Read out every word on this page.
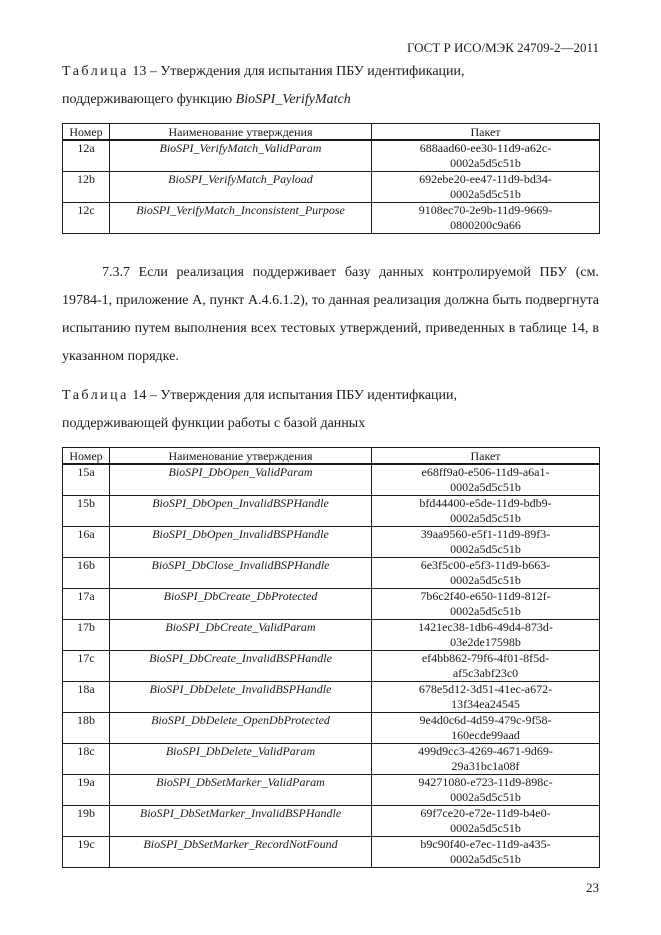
ГОСТ Р ИСО/МЭК 24709-2—2011
Таблица 13 – Утверждения для испытания ПБУ идентификации,
поддерживающего функцию BioSPI_VerifyMatch
Номер	Наименование утверждения	Пакет
12a	BioSPI_VerifyMatch_ValidParam	688aad60-ee30-11d9-a62c-
0002a5d5c51b

12b	BioSPI_VerifyMatch_Payload	692ebe20-ee47-11d9-bd34-
0002a5d5c51b

12c	BioSPI_VerifyMatch_Inconsistent_Purpose	9108ec70-2e9b-11d9-9669-
0800200c9a66
7.3.7 Если реализация поддерживает базу данных контролируемой ПБУ (см. 19784-1, приложение А, пункт А.4.6.1.2), то данная реализация должна быть подвергнута испытанию путем выполнения всех тестовых утверждений, приведенных в таблице 14, в указанном порядке.
Таблица 14 – Утверждения для испытания ПБУ идентифкации,
поддерживающей функции работы с базой данных
Номер	Наименование утверждения	Пакет
15a	BioSPI_DbOpen_ValidParam	e68ff9a0-e506-11d9-a6a1-
0002a5d5c51b

15b	BioSPI_DbOpen_InvalidBSPHandle	bfd44400-e5de-11d9-bdb9-
0002a5d5c51b

16a	BioSPI_DbOpen_InvalidBSPHandle	39aa9560-e5f1-11d9-89f3-
0002a5d5c51b

16b	BioSPI_DbClose_InvalidBSPHandle	6e3f5c00-e5f3-11d9-b663-
0002a5d5c51b

17a	BioSPI_DbCreate_DbProtected	7b6c2f40-e650-11d9-812f-
0002a5d5c51b

17b	BioSPI_DbCreate_ValidParam	1421ec38-1db6-49d4-873d-
03e2de17598b

17c	BioSPI_DbCreate_InvalidBSPHandle	ef4bb862-79f6-4f01-8f5d-
af5c3abf23c0

18a	BioSPI_DbDelete_InvalidBSPHandle	678e5d12-3d51-41ec-a672-
13f34ea24545

18b	BioSPI_DbDelete_OpenDbProtected	9e4d0c6d-4d59-479c-9f58-
160ecde99aad

18c	BioSPI_DbDelete_ValidParam	499d9cc3-4269-4671-9d69-
29a31bc1a08f

19a	BioSPI_DbSetMarker_ValidParam	94271080-e723-11d9-898c-
0002a5d5c51b

19b	BioSPI_DbSetMarker_InvalidBSPHandle	69f7ce20-e72e-11d9-b4e0-
0002a5d5c51b

19c	BioSPI_DbSetMarker_RecordNotFound	b9c90f40-e7ec-11d9-a435-
0002a5d5c51b
23
